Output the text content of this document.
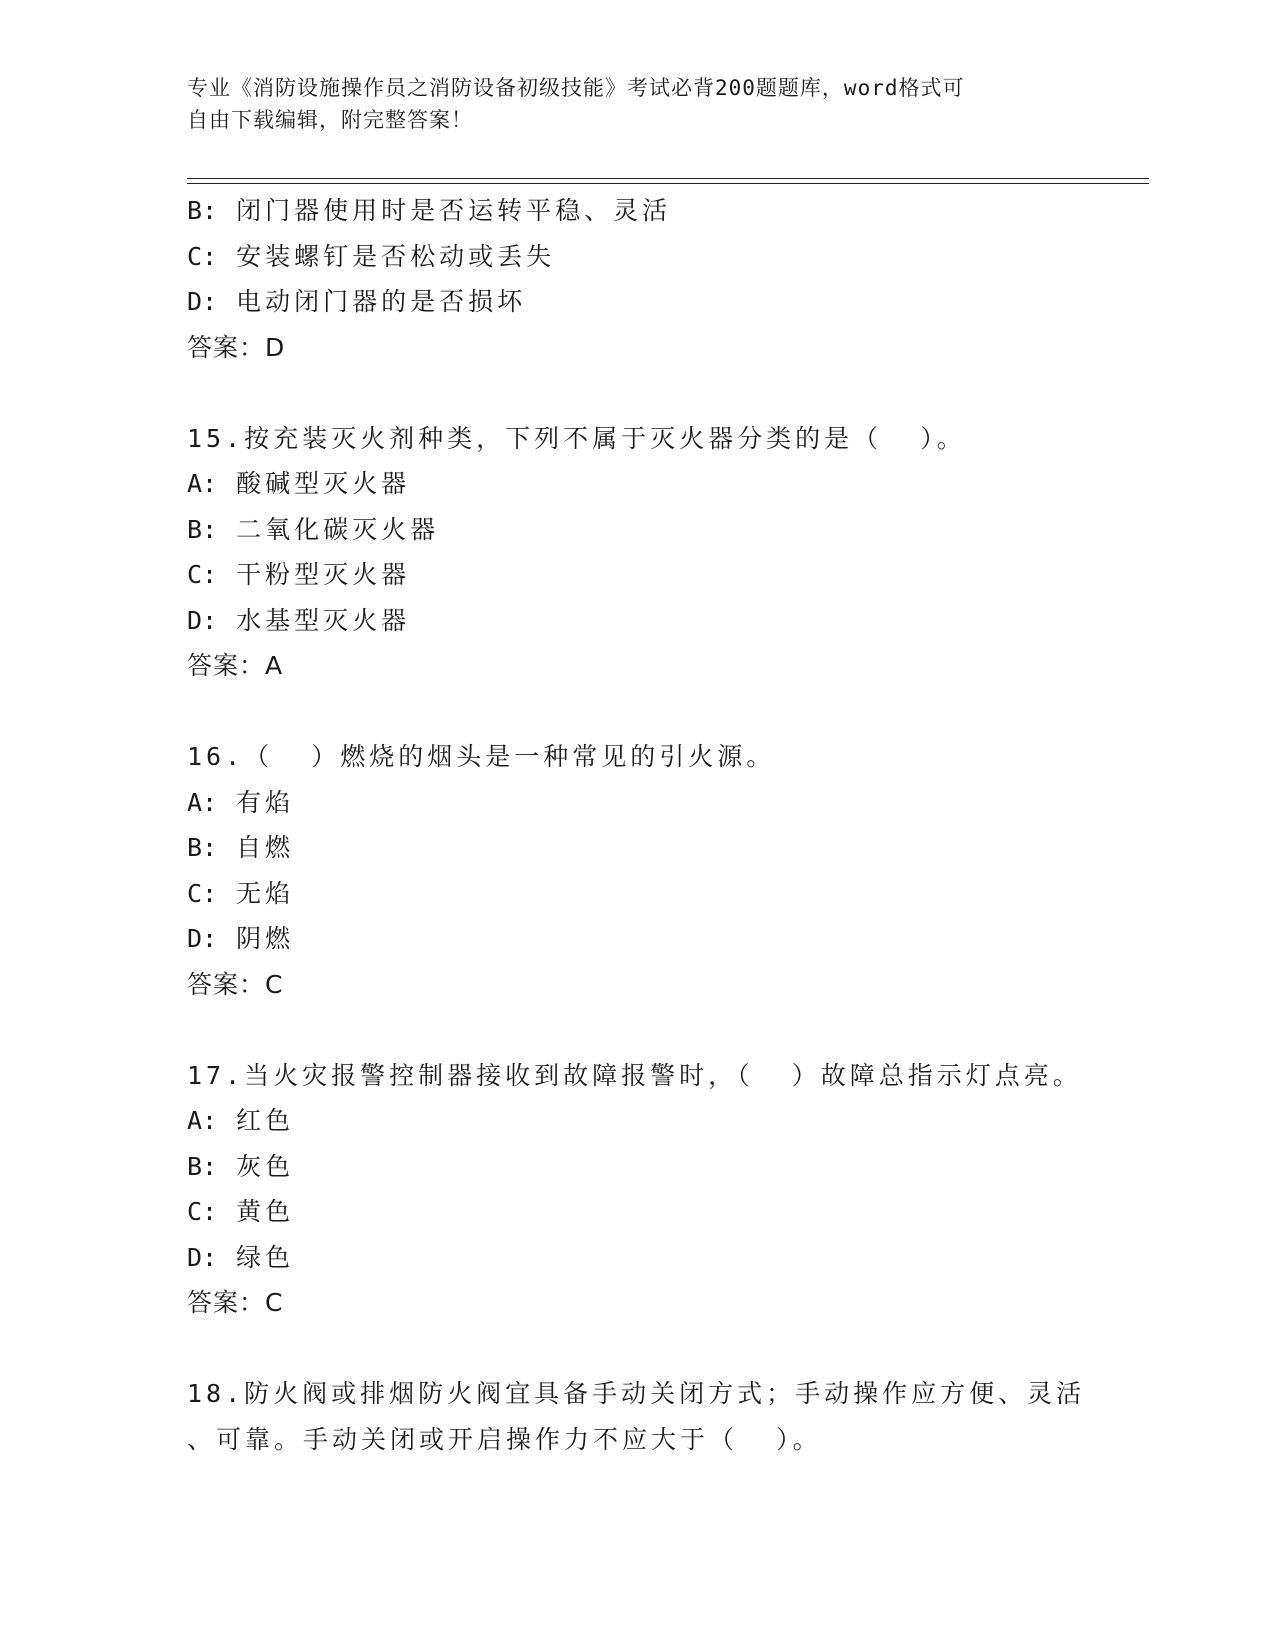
专业《消防设施操作员之消防设备初级技能》考试必背200题题库，word格式可
自由下载编辑，附完整答案！
B: 闭门器使用时是否运转平稳、灵活
C: 安装螺钉是否松动或丢失
D: 电动闭门器的是否损坏
答案：D
15.按充装灭火剂种类，下列不属于灭火器分类的是（  ）。
A: 酸碱型灭火器
B: 二氧化碳灭火器
C: 干粉型灭火器
D: 水基型灭火器
答案：A
16.（  ）燃烧的烟头是一种常见的引火源。
A: 有焰
B: 自燃
C: 无焰
D: 阴燃
答案：C
17.当火灾报警控制器接收到故障报警时，（  ）故障总指示灯点亮。
A: 红色
B: 灰色
C: 黄色
D: 绿色
答案：C
18.防火阀或排烟防火阀宜具备手动关闭方式；手动操作应方便、灵活
、可靠。手动关闭或开启操作力不应大于（  ）。
